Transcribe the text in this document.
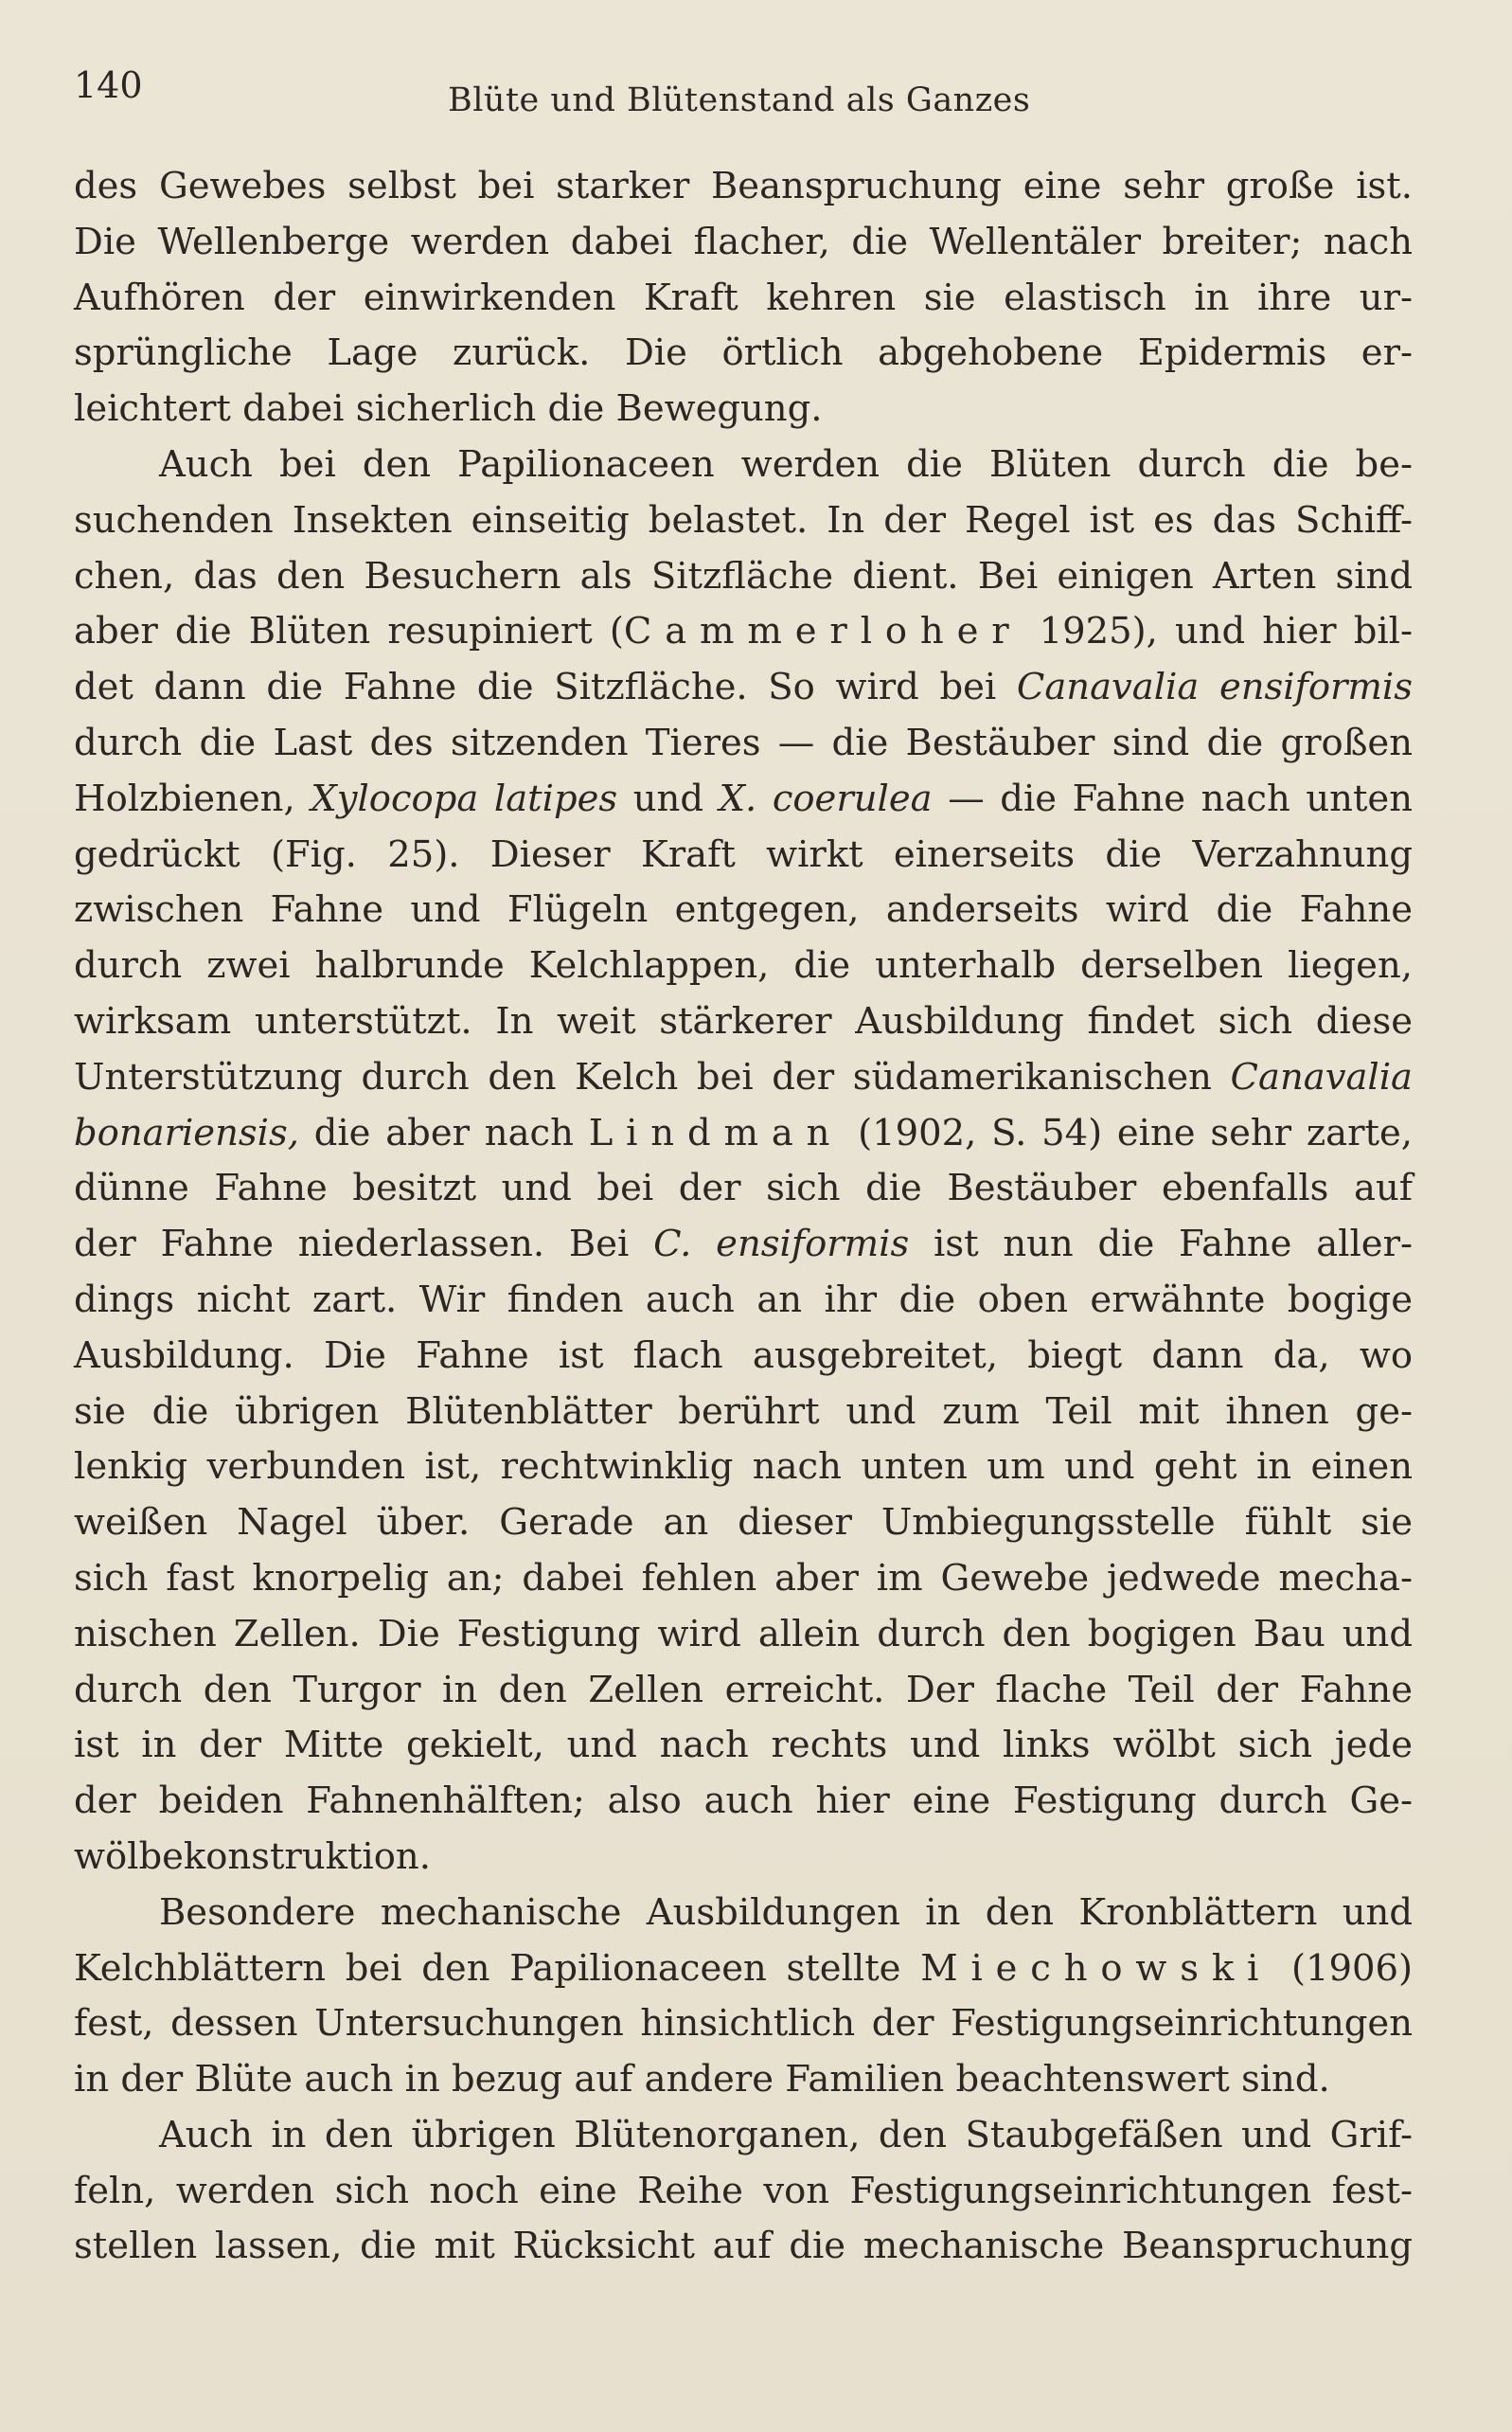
140	Blüte und Blütenstand als Ganzes
des Gewebes selbst bei starker Beanspruchung eine sehr große ist.
Die Wellenberge werden dabei flacher, die Wellentäler breiter; nach
Aufhören der einwirkenden Kraft kehren sie elastisch in ihre ur-
sprüngliche Lage zurück. Die örtlich abgehobene Epidermis er-
leichtert dabei sicherlich die Bewegung.
Auch bei den Papilionaceen werden die Blüten durch die be-
suchenden Insekten einseitig belastet. In der Regel ist es das Schiff-
chen, das den Besuchern als Sitzfläche dient. Bei einigen Arten sind
aber die Blüten resupiniert (Cammerloher 1925), und hier bil-
det dann die Fahne die Sitzfläche. So wird bei Canavalia ensiformis
durch die Last des sitzenden Tieres — die Bestäuber sind die großen
Holzbienen, Xylocopa latipes und X. coerulea — die Fahne nach unten
gedrückt (Fig. 25). Dieser Kraft wirkt einerseits die Verzahnung
zwischen Fahne und Flügeln entgegen, anderseits wird die Fahne
durch zwei halbrunde Kelchlappen, die unterhalb derselben liegen,
wirksam unterstützt. In weit stärkerer Ausbildung findet sich diese
Unterstützung durch den Kelch bei der südamerikanischen Canavalia
bonariensis, die aber nach Lindman (1902, S. 54) eine sehr zarte,
dünne Fahne besitzt und bei der sich die Bestäuber ebenfalls auf
der Fahne niederlassen. Bei C. ensiformis ist nun die Fahne aller-
dings nicht zart. Wir finden auch an ihr die oben erwähnte bogige
Ausbildung. Die Fahne ist flach ausgebreitet, biegt dann da, wo
sie die übrigen Blütenblätter berührt und zum Teil mit ihnen ge-
lenkig verbunden ist, rechtwinklig nach unten um und geht in einen
weißen Nagel über. Gerade an dieser Umbiegungsstelle fühlt sie
sich fast knorpelig an; dabei fehlen aber im Gewebe jedwede mecha-
nischen Zellen. Die Festigung wird allein durch den bogigen Bau und
durch den Turgor in den Zellen erreicht. Der flache Teil der Fahne
ist in der Mitte gekielt, und nach rechts und links wölbt sich jede
der beiden Fahnenhälften; also auch hier eine Festigung durch Ge-
wölbekonstruktion.
Besondere mechanische Ausbildungen in den Kronblättern und
Kelchblättern bei den Papilionaceen stellte Miechowski (1906)
fest, dessen Untersuchungen hinsichtlich der Festigungseinrichtungen
in der Blüte auch in bezug auf andere Familien beachtenswert sind.
Auch in den übrigen Blütenorganen, den Staubgefäßen und Grif-
feln, werden sich noch eine Reihe von Festigungseinrichtungen fest-
stellen lassen, die mit Rücksicht auf die mechanische Beanspruchung
